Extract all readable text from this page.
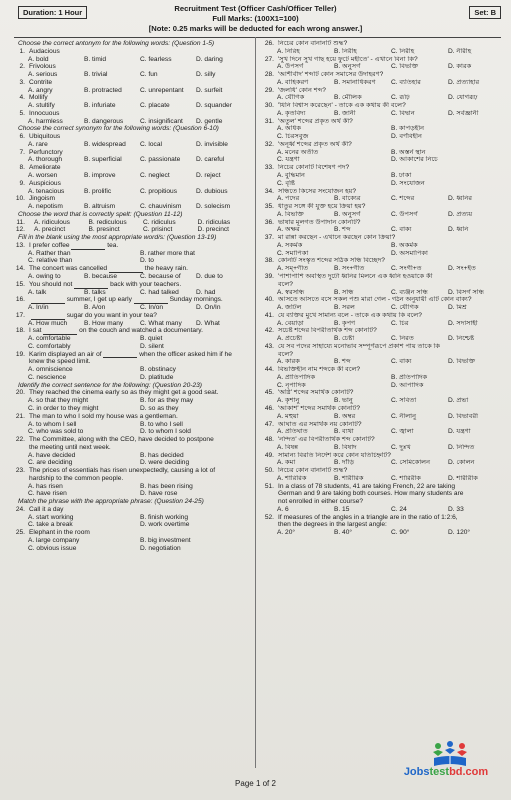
Duration: 1 Hour	Recruitment Test (Officer Cash/Officer Teller)
Full Marks: (100X1=100)
[Note: 0.25 marks will be deducted for each wrong answer.]
Set: B
Choose the correct antonym for the following words: (Question 1-5)
1. Audacious
A. bold	B. timid	C. fearless	D. daring
2. Frivolous
A. serious	B. trivial	C. fun	D. silly
3. Contrite
A. angry	B. protracted	C. unrepentant D. surfeit
4. Mollify
A. stultify	B. infuriate	C. placate	D. squander
5. Innocuous
A. harmless	B. dangerous	C. insignificant D. gentle
Choose the correct synonym for the following words: (Question 6-10)
6. Ubiquitous
A. rare	B. widespread C. local	D. invisible
7. Perfunctory
A. thorough	B. superficial	C. passionate D. careful
8. Ameliorate
A. worsen	B. improve	C. neglect	D. reject
9. Auspicious
A. tenacious	B. prolific	C. propitious	D. dubious
10. Jingoism
A. nepotism	B. altruism	C. chauvinism D. solecism
Choose the word that is correctly spelt: (Question 11-12)
11. A. ridiculous	B. rediculous C. ridiculus	D. ridiculas
12. A. precinct	B. presinct	C. prisinct	D. precinct
Fill in the blank using the most appropriate word/s: (Question 13-19)
13. I prefer coffee	tea.
A. Rather than	B. rather more that
C. relative than	D. to
14. The concert was cancelled	the heavy rain.
A. owing to	B. because	C. because of D. due to
15. You should not	back with your teachers.
A. talk	B. talks	C. had talked	D. had
16.	summer, I get up early	Sunday mornings.
A. In/in	B. A/on	C. In/on	D. On/In
17.	sugar do you want in your tea?
A. How much	B. How many	C. What many D. What
18. I sat	on the couch and watched a documentary.
A. comfortable	B. quiet
C. comfortably	D. silent
19. Karim displayed an air of	when the officer asked him if he
knew the speed limit.
A. omniscience	B. obstinacy
C. nescience	D. platitude
Identify the correct sentence for the following: (Question 20-23)
20. They reached the cinema early so as they might get a good seat.
A. so that they might	B. for as they may
C. in order to they might	D. so as they
21. The man to who I sold my house was a gentleman.
A. to whom I sell	B. to who I sell
C. who was sold to	D. to whom I sold
22. The Committee, along with the CEO, have decided to postpone
the meeting until next week.
A. have decided	B. has decided
C. are deciding	D. were deciding
23. The prices of essentials has risen unexpectedly, causing a lot of
hardship to the common people.
A. has risen	B. has been rising
C. have risen	D. have rose
Match the phrase with the appropriate phrase: (Question 24-25)
24. Call it a day
A. start working	B. finish working
C. take a break	D. work overtime
25. Elephant in the room
A. large company	B. big investment
C. obvious issue	D. negotiation
26. নিচের কোন বানানটি শুদ্ধ?
A. নিরিহ	B. নিরীহ	C. নিরীহ	D. নীরীহ
27. 'সুখ দিনে সুখ গাছ হয়ে ফুটে মহীতে' - এখানে বিনা কি?
A. উপসর্গ	B. অনুসর্গ	C. বিভক্তি	D. কারক
28. 'আশীর্বাদ' শব্দটি কোন সমাসের উদাহরণ?
A. বাহিকরণ	B. সমানাধিকরণ C. ব্যতিহার	D. প্রত্যাহার
29. 'জলধি' কোন শব্দ?
A. যৌগিক	B. মৌলিক	C. রূঢ়ি	D. যোগরূঢ়
30. 'যিনি বিশ্বাস করেছেন' - তাকে এক কথায় কী বলে?
A. কৃতবিদ্য	B. জানী	C. বিদ্বান	D. সর্বজ্ঞানী
31. 'অতুল' শব্দের প্রকৃত অর্থ কী?
A. অধিক	B. কাপড়হীন
C. চিরসবুজ	D. বর্ণবিহীন
32. 'অনূর্ধ্ব শব্দের প্রকৃত অর্থ কী?
A. মনের অতীত	B. অস্তর্ন স্থান
C. যন্ত্রণা	D. আকাশের নিচে
33. নিচের কোনটি বিশেষণ পদ?
A. বুদ্ধিমান	B. ঢাকা
C. বৃষ্টি	D. সংযোজন
34. সন্ধিতে কিসের সংযোজন হয়?
A. পদের	B. বাক্যের	C. শব্দের	D. ধ্বনির
35. ধাতুর সঙ্গে কী যুক্ত হয়ে ক্রিয়া হয়?
A. বিভক্তি	B. অনুসর্গ	C. উপসর্গ	D. প্রত্যয়
36. ভাষার মূলগত উপাদান কোনটি?
A. অক্ষর	B. শব্দ	C. বাক্য	D. ধ্বনি
37. মা রান্না করছেন - এখানে করছেন কোন ক্রিয়া?
A. সকর্মক	B. অকর্মক
C. সমাপিকা	D. অসমাপিকা
38. কোনটি সংস্কৃত শব্দের সঠিক সন্ধি বিচ্ছেদ?
A. সম্+গীত	B. সং+গীত	C. সংগী+ত	D. সং+ইত
39. 'পাশাপাশি অবস্থিত দুটো ধ্বনির মিলনে এক ধ্বনি হওয়াকে কী
বলে?
A. স্বরসন্ধি	B. সন্ধি	C. ব্যঞ্জন সন্ধি	D. বিসর্গ সন্ধি
40. আসতে আসতে বসে সকল পশু মারা গেল - গঠন অনুযায়ী এটি কোন বাক্য?
A. জটিল	B. সরল	C. যৌগিক	D. মিশ্র
41. যে ব্যক্তির মুখে সামান্য বলে - তাকে এক কথায় কি বলে?
A. বেয়াড়া	B. কৃপণ	C. চির	D. সদাসাহী
42. সচেষ্ট শব্দের বিপরীতার্থক শব্দ কোনটি?
A. প্রচেষ্টা	B. চেষ্টা	C. নিরত	D. নিশ্চেষ্ট
43. যে সব পদের সাহায্যে মনোভাব সম্পূর্ণরূপে প্রকাশ পায় তাকে কি
বলে?
A. কারক	B. শব্দ	C. বাক্য	D. বিভক্তি
44. বিভক্তিহীন নাম শব্দকে কী বলে?
A. প্রাতিপাদিক	B. প্রতিপাদিক
C. নৃপাদিক	D. আপাদিক
45. 'অগ্নি' শব্দের সমার্থক কোনটি?
A. কৃশানু	B. ভানু	C. সবিতা	D. প্রভা
46. 'আকাশ' শব্দের সমার্থক কোনটি?
A. মহুয়া	B. অম্বর	C. নীলানু	D. বিভাবরী
47. আঘাত এর সমার্থক নয় কোনটি?
A. প্রতিঘাত	B. ব্যথা	C. জ্বালা	D. যন্ত্রণা
48. 'নন্দিত' এর বিপরীতার্থক শব্দ কোনটি?
A. বিষন্ন	B. বিষাদ	C. দুঃখ	D. নিন্দিত
49. সামান্য বিরতি নির্দেশ করে কোন যতিচিহ্নটি?
A. কমা	B. দাঁড়ি	C. সেমিকোলন	D. কোলন
50. নিচের কোন বানানটি শুদ্ধ?
A. শারিরিক	B. শারীরিক	C. শারিরীক	D. শারীরীক
51. In a class of 78 students, 41 are taking French, 22 are taking
German and 9 are taking both courses. How many students are
not enrolled in either course?
A. 6	B. 15	C. 24	D. 33
52. If measures of the angles in a triangle are in the ratio of 1:2:6,
then the degrees in the largest angle:
A. 20°	B. 40°	C. 90°	D. 120°
Jobstestbd.com
Page 1 of 2
